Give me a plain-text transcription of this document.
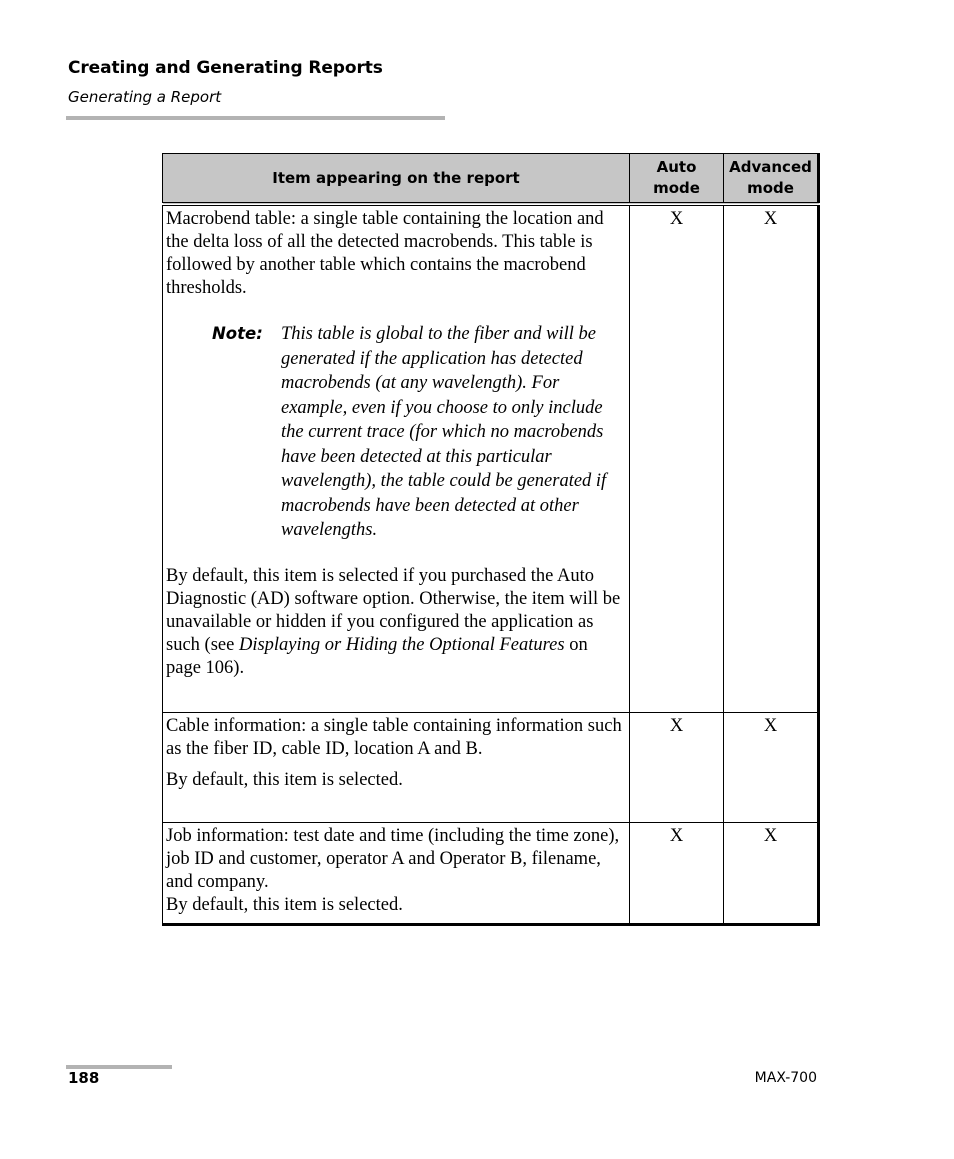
Creating and Generating Reports
Generating a Report
Item appearing on the report	Auto mode	Advanced mode

Macrobend table: a single table containing the location and the delta loss of all the detected macrobends. This table is followed by another table which contains the macrobend thresholds.

Note: This table is global to the fiber and will be generated if the application has detected macrobends (at any wavelength). For example, even if you choose to only include the current trace (for which no macrobends have been detected at this particular wavelength), the table could be generated if macrobends have been detected at other wavelengths.

By default, this item is selected if you purchased the Auto Diagnostic (AD) software option. Otherwise, the item will be unavailable or hidden if you configured the application as such (see Displaying or Hiding the Optional Features on page 106).	X	X

Cable information: a single table containing information such as the fiber ID, cable ID, location A and B.

By default, this item is selected.	X	X

Job information: test date and time (including the time zone), job ID and customer, operator A and Operator B, filename, and company.

By default, this item is selected.	X	X
188	MAX-700
